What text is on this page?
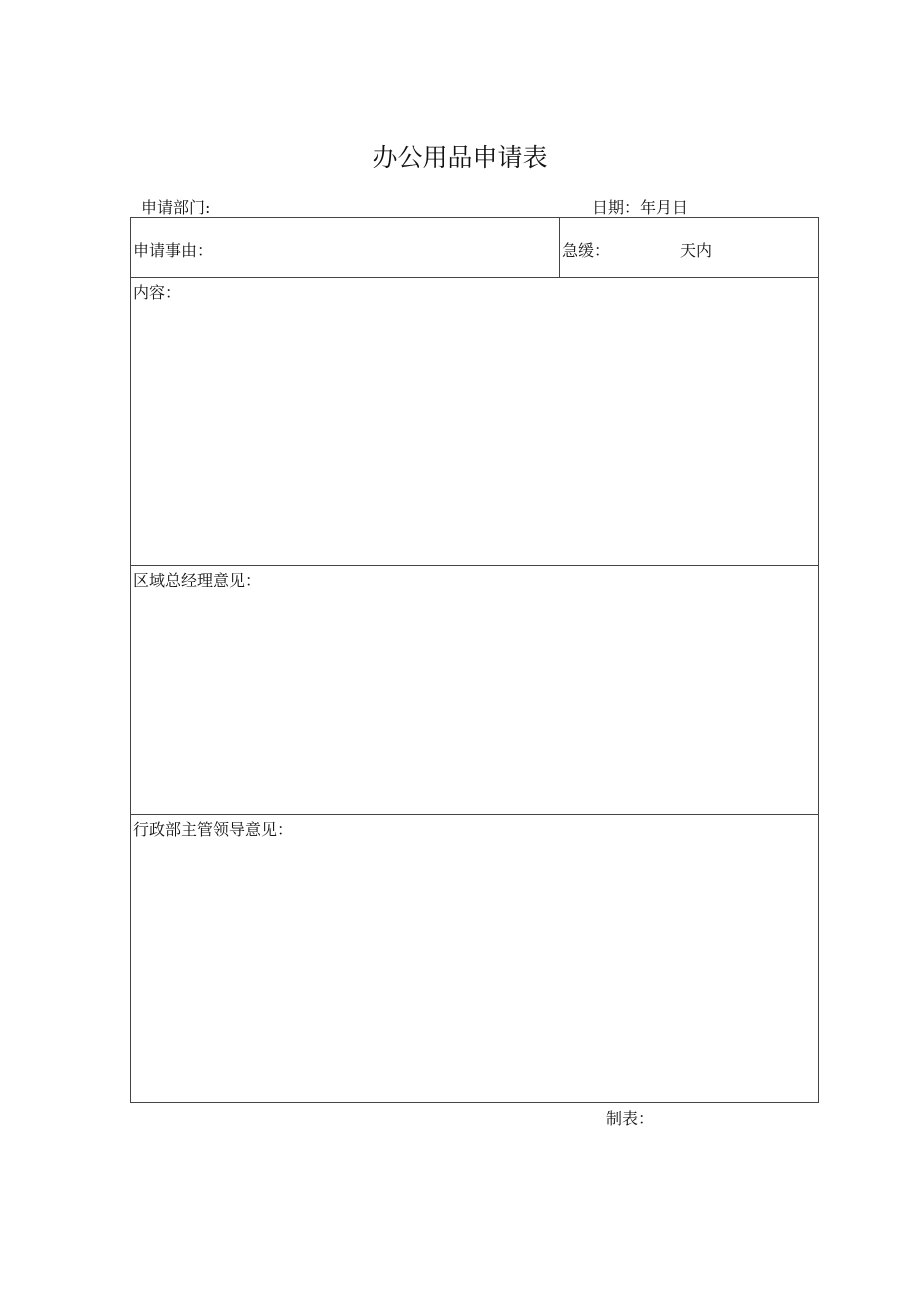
办公用品申请表
申请部门:	日期：年月日
申请事由：	急缓：	天内
内容：
区域总经理意见：
行政部主管领导意见：
制表：
